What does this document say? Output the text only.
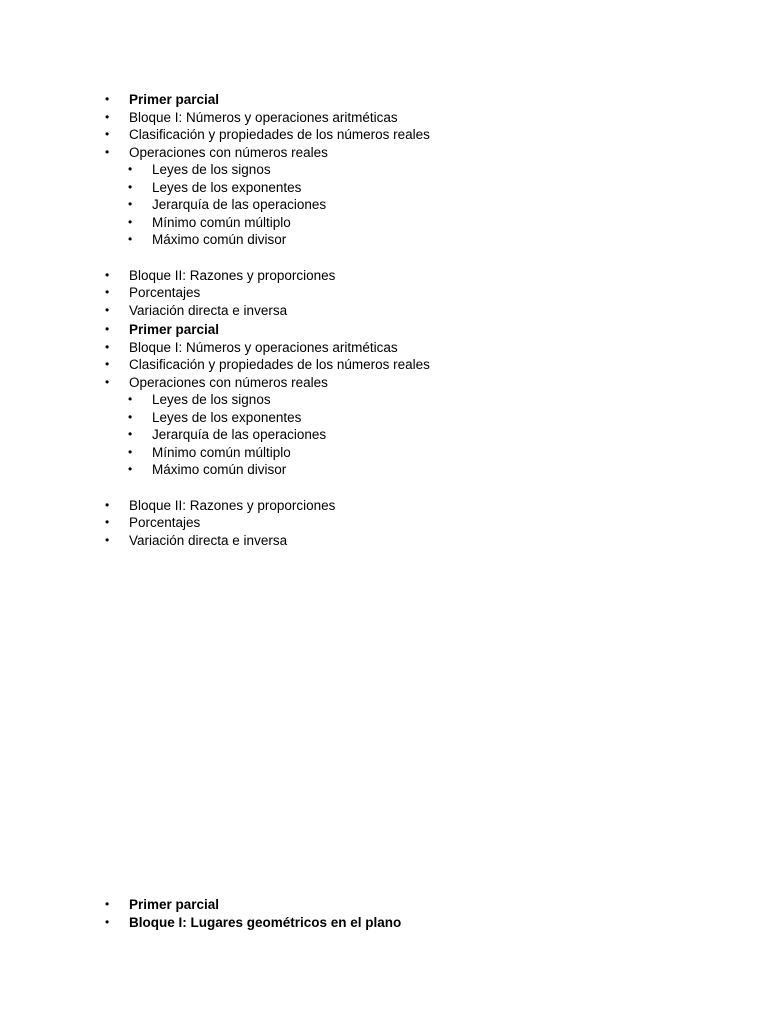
• Primer parcial
• Bloque I: Números y operaciones aritméticas
• Clasificación y propiedades de los números reales
• Operaciones con números reales
• Leyes de los signos
• Leyes de los exponentes
• Jerarquía de las operaciones
• Mínimo común múltiplo
• Máximo común divisor
• Bloque II: Razones y proporciones
• Porcentajes
• Variación directa e inversa
• Primer parcial
• Bloque I: Números y operaciones aritméticas
• Clasificación y propiedades de los números reales
• Operaciones con números reales
• Leyes de los signos
• Leyes de los exponentes
• Jerarquía de las operaciones
• Mínimo común múltiplo
• Máximo común divisor
• Bloque II: Razones y proporciones
• Porcentajes
• Variación directa e inversa
• Primer parcial
• Bloque I: Lugares geométricos en el plano
